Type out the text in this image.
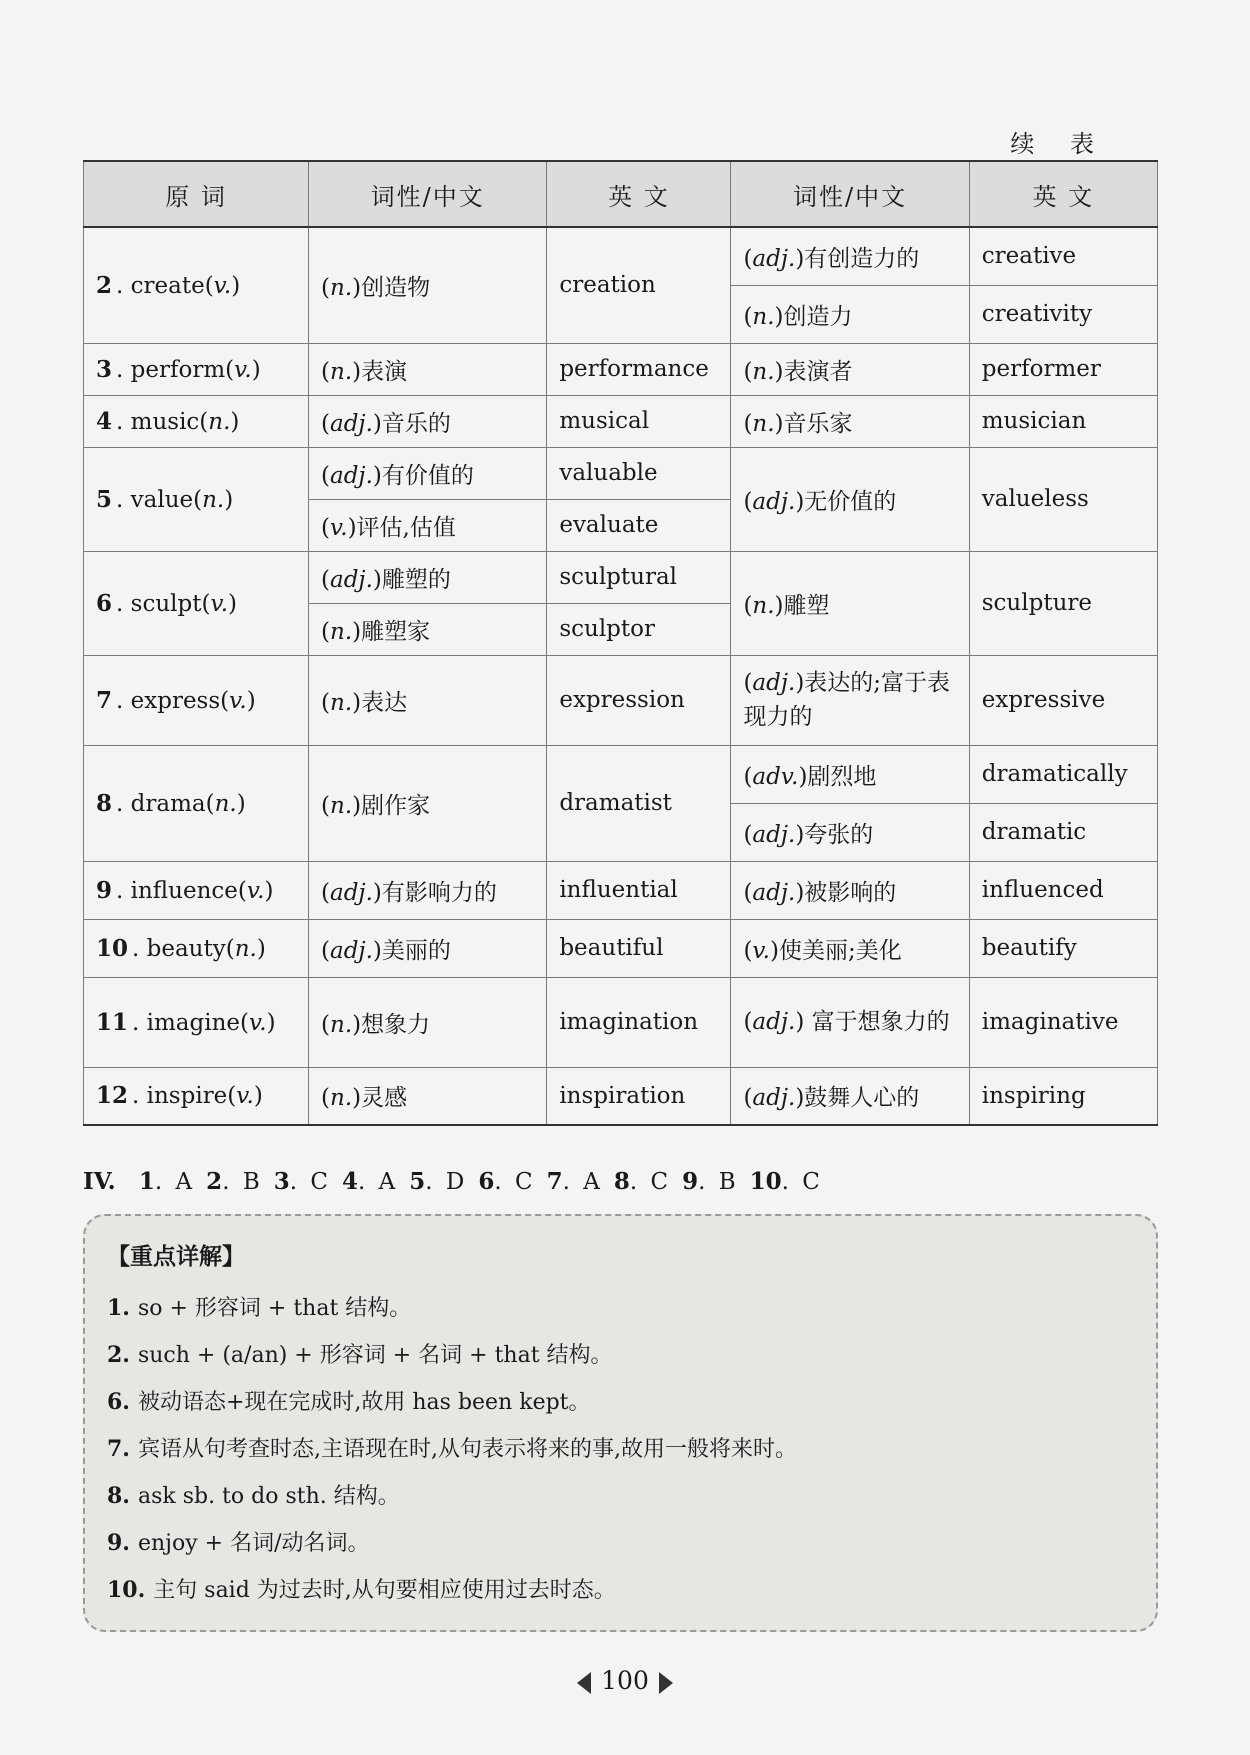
续 表
原 词	词性/中文	英 文	词性/中文	英 文
2 . create(v.)	(n.)创造物	creation	(adj.)有创造力的	creative
			(n.)创造力	creativity
3 . perform(v.)	(n.)表演	performance	(n.)表演者	performer
4 . music(n.)	(adj.)音乐的	musical	(n.)音乐家	musician
5 . value(n.)	(adj.)有价值的	valuable	(adj.)无价值的	valueless
	(v.)评估,估值	evaluate		
6 . sculpt(v.)	(adj.)雕塑的	sculptural	(n.)雕塑	sculpture
	(n.)雕塑家	sculptor		
7 . express(v.)	(n.)表达	expression	(adj.)表达的;富于表现力的	expressive
8 . drama(n.)	(n.)剧作家	dramatist	(adv.)剧烈地	dramatically
			(adj.)夸张的	dramatic
9 . influence(v.)	(adj.)有影响力的	influential	(adj.)被影响的	influenced
10 . beauty(n.)	(adj.)美丽的	beautiful	(v.)使美丽;美化	beautify
11 . imagine(v.)	(n.)想象力	imagination	(adj.) 富于想象力的	imaginative
12 . inspire(v.)	(n.)灵感	inspiration	(adj.)鼓舞人心的	inspiring
IV. 1. A 2. B 3. C 4. A 5. D 6. C 7. A 8. C 9. B 10. C
【重点详解】
1. so + 形容词 + that 结构。
2. such + (a/an) + 形容词 + 名词 + that 结构。
6. 被动语态+现在完成时,故用 has been kept。
7. 宾语从句考查时态,主语现在时,从句表示将来的事,故用一般将来时。
8. ask sb. to do sth. 结构。
9. enjoy + 名词/动名词。
10. 主句 said 为过去时,从句要相应使用过去时态。
100
